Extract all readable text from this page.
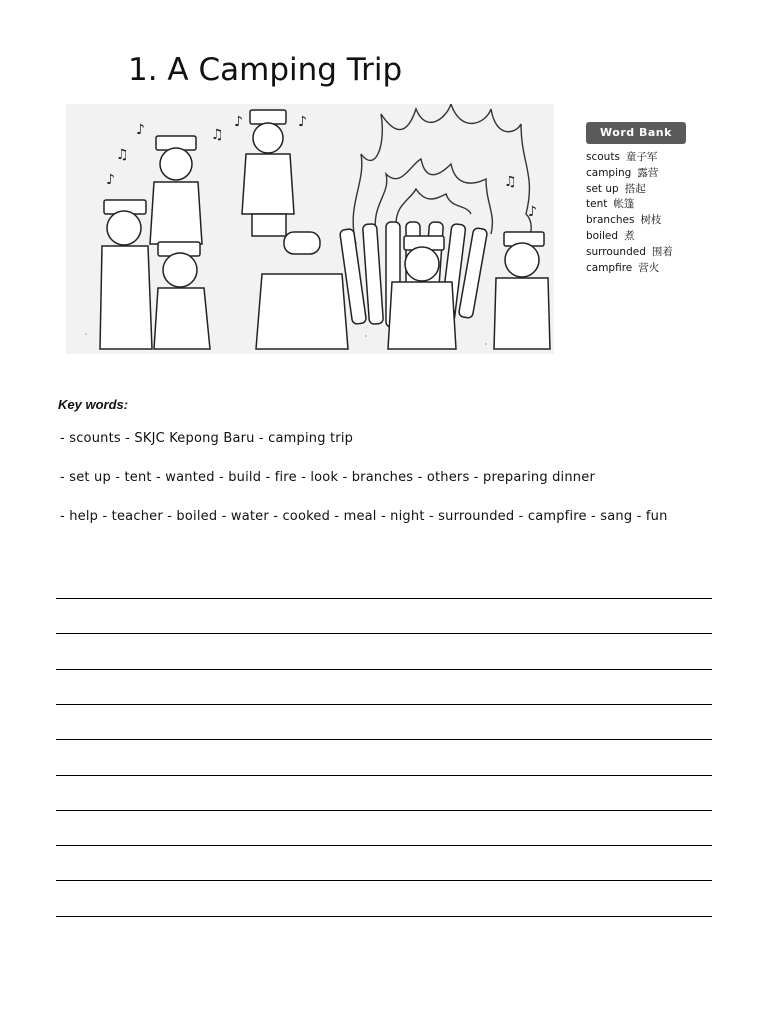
1. A Camping Trip
♪
♫
♪
♫
♪	♪
♫
♪
Word Bank
scouts 童子军
camping 露营
set up 搭起
tent 帐篷
branches 树枝
boiled 煮
surrounded 围着
campfire 营火
Key words:
- scounts - SKJC Kepong Baru - camping trip
- set up - tent - wanted - build - fire - look - branches - others - preparing dinner
- help - teacher - boiled - water - cooked - meal - night - surrounded - campfire - sang - fun
